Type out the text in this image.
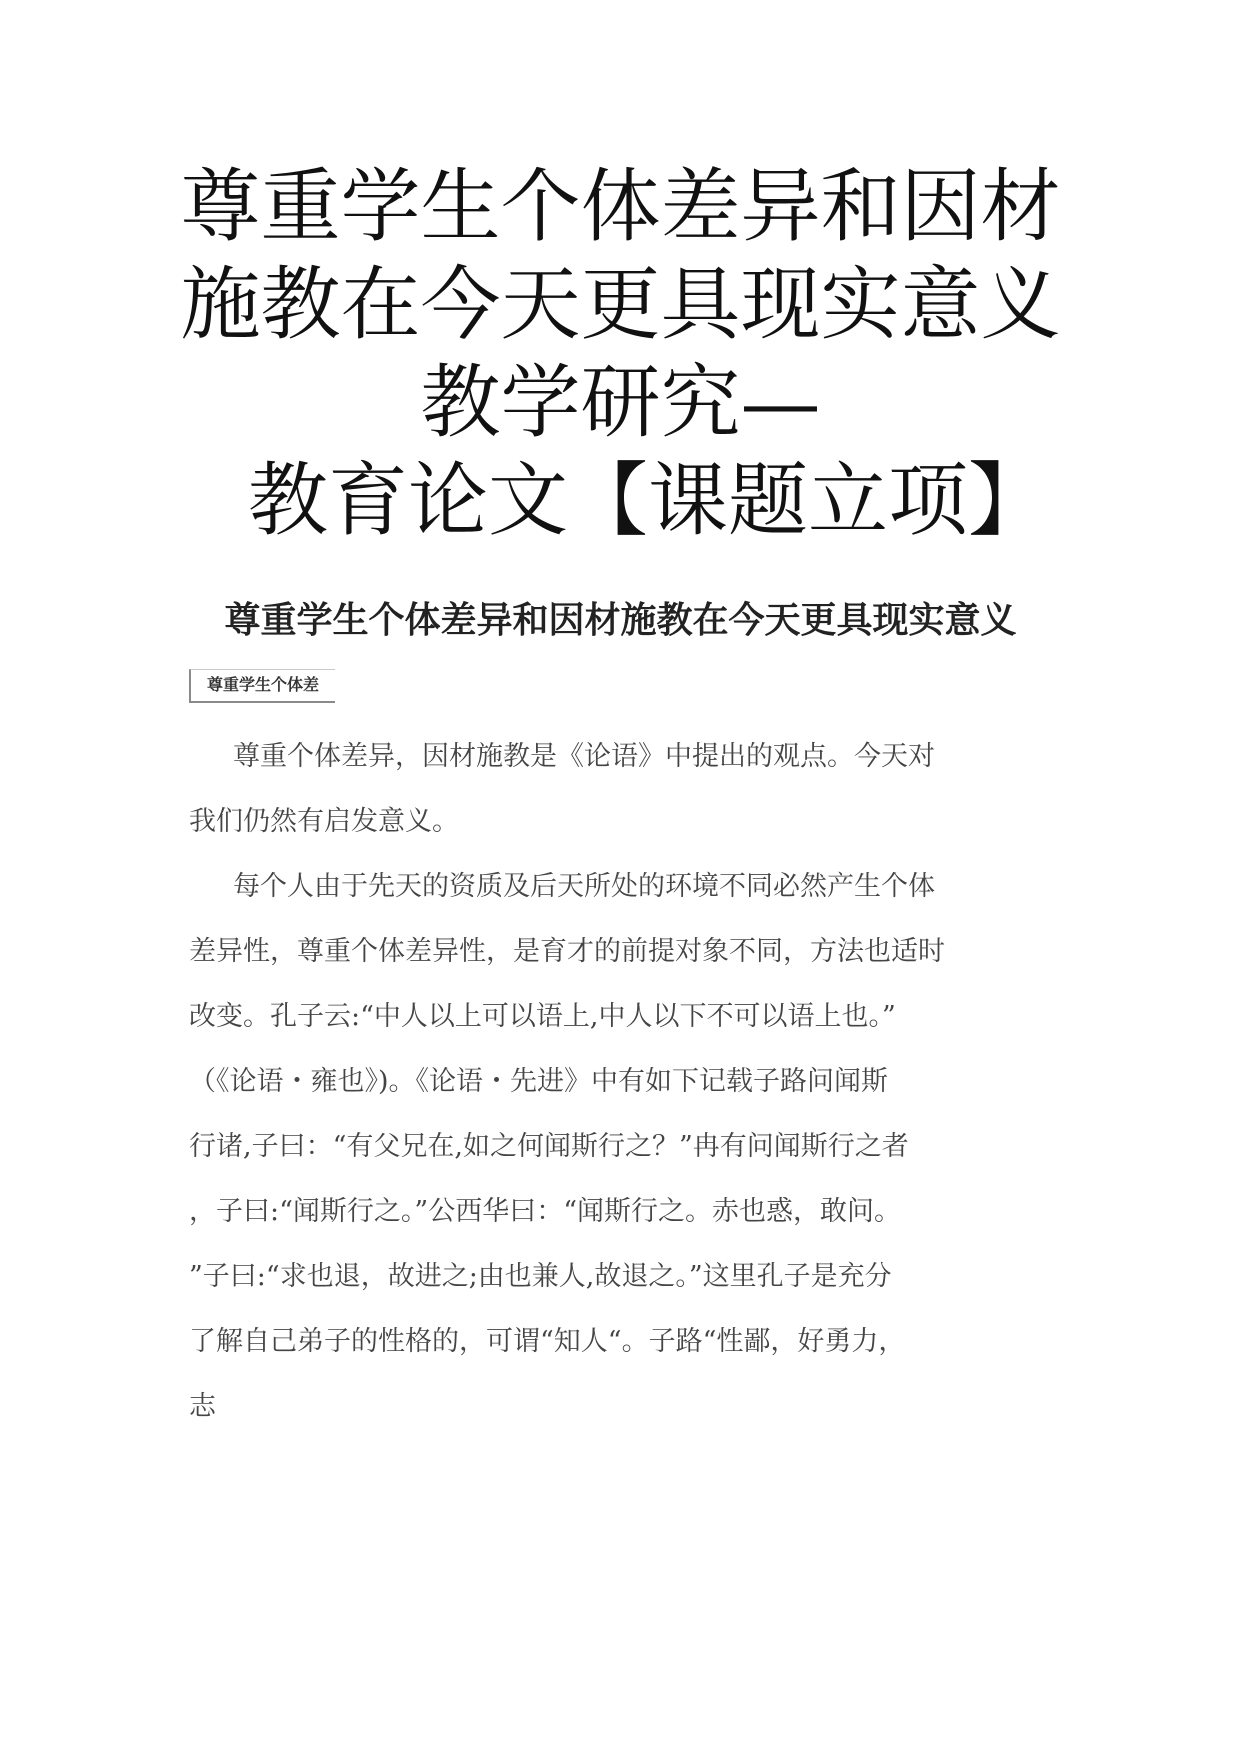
尊重学生个体差异和因材
施教在今天更具现实意义
教学研究—
教育论文【课题立项】
尊重学生个体差异和因材施教在今天更具现实意义
尊重学生个体差
尊重个体差异，因材施教是《论语》中提出的观点。今天对
我们仍然有启发意义。
每个人由于先天的资质及后天所处的环境不同必然产生个体
差异性，尊重个体差异性，是育才的前提对象不同，方法也适时
改变。孔子云:“中人以上可以语上,中人以下不可以语上也。”
（《论语・雍也》)。《论语・先进》中有如下记载子路问闻斯
行诸,子曰：“有父兄在,如之何闻斯行之？”冉有问闻斯行之者
，子曰:“闻斯行之。”公西华曰：“闻斯行之。赤也惑，敢问。
”子曰:“求也退，故进之;由也兼人,故退之。”这里孔子是充分
了解自己弟子的性格的，可谓“知人“。子路“性鄙，好勇力，
志
